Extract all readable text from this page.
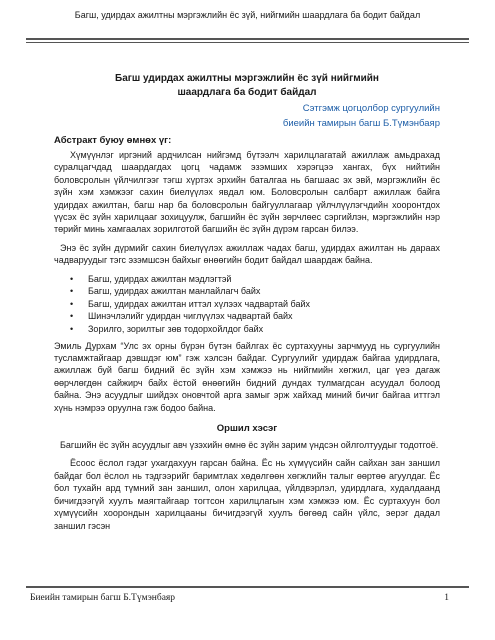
Багш, удирдах ажилтны мэргэжлийн ёс зүй, нийгмийн шаардлага ба бодит байдал

Багш удирдах ажилтны мэргэжлийн ёс зүй нийгмийн

шаардлага ба бодит байдал

Сэтгэмж цогцолбор сургуулийн

биеийн тамирын багш Б.Түмэнбаяр

Абстракт буюу өмнөх үг:

Хүмүүнлэг иргэний ардчилсан нийгэмд бүтээлч харилцлагатай ажиллаж амьдрахад суралцагчдад шаардагдах цогц чадамж эзэмших хэрэгцээ хангах, бүх нийтийн боловсролын үйлчилгээг тэгш хүртэх эрхийн баталгаа нь багшаас эх эвй, мэргэжлийн ёс зүйн хэм хэмжээг сахин биелүүлэх явдал юм. Боловсролын салбарт ажиллаж байга удирдах ажилтан, багш нар ба боловсролын байгууллагаар үйлчлүүлэгчдийн хооронтдох үүсэх ёс зүйн харилцааг зохицуулж, багшийн ёс зүйн зөрчлөес сэргийлэн, мэргэжлийн нэр төрийг минь хамгаалах зорилготой багшийн ёс зүйн дүрэм гарсан билээ.

Энэ ёс зүйн дүрмийг сахин биелүүлэх ажиллаж чадах багш, удирдах ажилтан нь дараах чадваруудыг тэгс эзэмшсэн байхыг өнөөгийн бодит байдал шаардаж байна.

• Багш, удирдах ажилтан мэдлэгтэй
• Багш, удирдах ажилтан манлайлагч байх
• Багш, удирдах ажилтан иттэл хүлээх чадвартай байх
• Шинэчлэлийг удирдан чиглүүлэх чадвартай байх
• Зорилго, зорилтыг зөв тодорхойлдог байх

Эмиль Дурхам “Улс эх орны бүрэн бүтэн байлгах ёс суртахууны зарчмууд нь сургуулийн тусламжтайгаар дэвшдэг юм” гэж хэлсэн байдаг. Сургуулийг удирдаж байгаа удирдлага, ажиллаж буй багш бидний ёс зүйн хэм хэмжээ нь нийгмийн хөгжил, цаг үеэ дагаж өөрчлөгдөн сайжирч байх ёстой өнөөгийн бидний дундах тулмагдсан асуудал болоод байна. Энэ асуудлыг шийдэх оновчтой арга замыг эрж хайхад миний бичиг байгаа иттгэл хүнь нэмрээ оруулна гэж бодоо байна.

Оршил хэсэг

Багшийн ёс зүйн асуудлыг авч үзэхийн өмнө ёс зүйн зарим үндсэн ойлголтуудыг тодотгоё.

Ёсоос ёслол гэдэг ухагдахуун гарсан байна. Ёс нь хүмүүсийн сайн сайхан зан заншил байдаг бол ёслол нь тэдгээрийг баримтлах хөдөлгөөн хөгжлийн талыг өөртөө агуулдаг. Ёс бол тухайн ард түмний зан заншил, олон харилцаа, үйлдвэрлэл, удирдлага, худалдаанд бичигдээгүй хуулъ маягтайгаар тогтсон харилцлагын хэм хэмжээ юм. Ёс суртахуун бол хүмүүсийн хоорондын харилцааны бичигдээгүй хуулъ бөгөөд сайн үйлс, эерэг дадал заншил гэсэн

Биеийн тамирын багш Б.Түмэнбаяр	1
